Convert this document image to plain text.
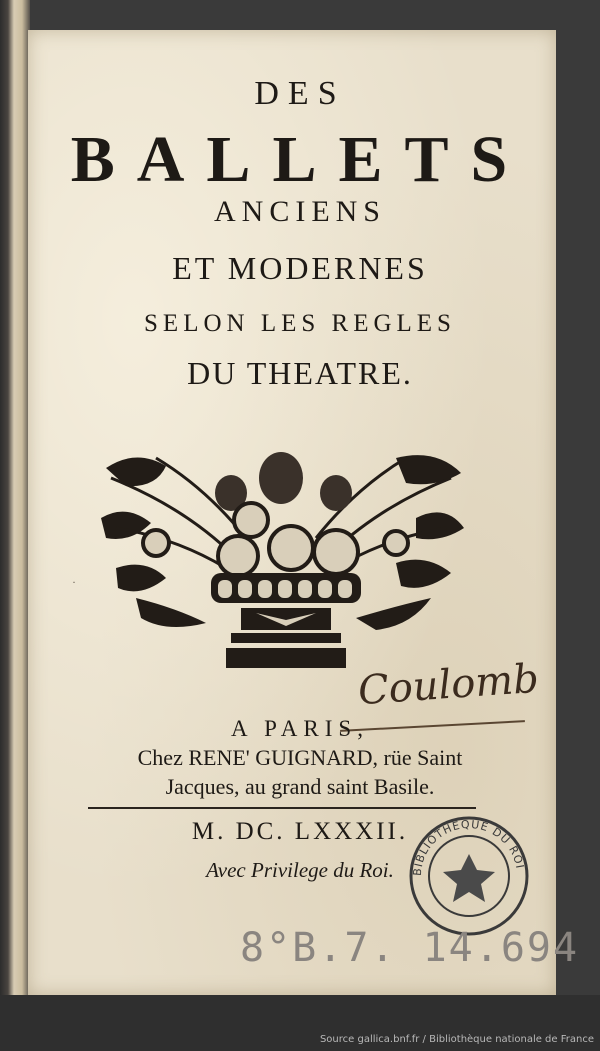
·
DES
BALLETS
ANCIENS
ET MODERNES
SELON LES REGLES
DU THEATRE.
Coulomb
A PARIS,
Chez RENE' GUIGNARD, rüe Saint
Jacques, au grand saint Basile.
M. DC. LXXXII.
Avec Privilege du Roi.	BIBLIOTHEQUE DU ROI
8°B.7. 14.694
Source gallica.bnf.fr / Bibliothèque nationale de France
